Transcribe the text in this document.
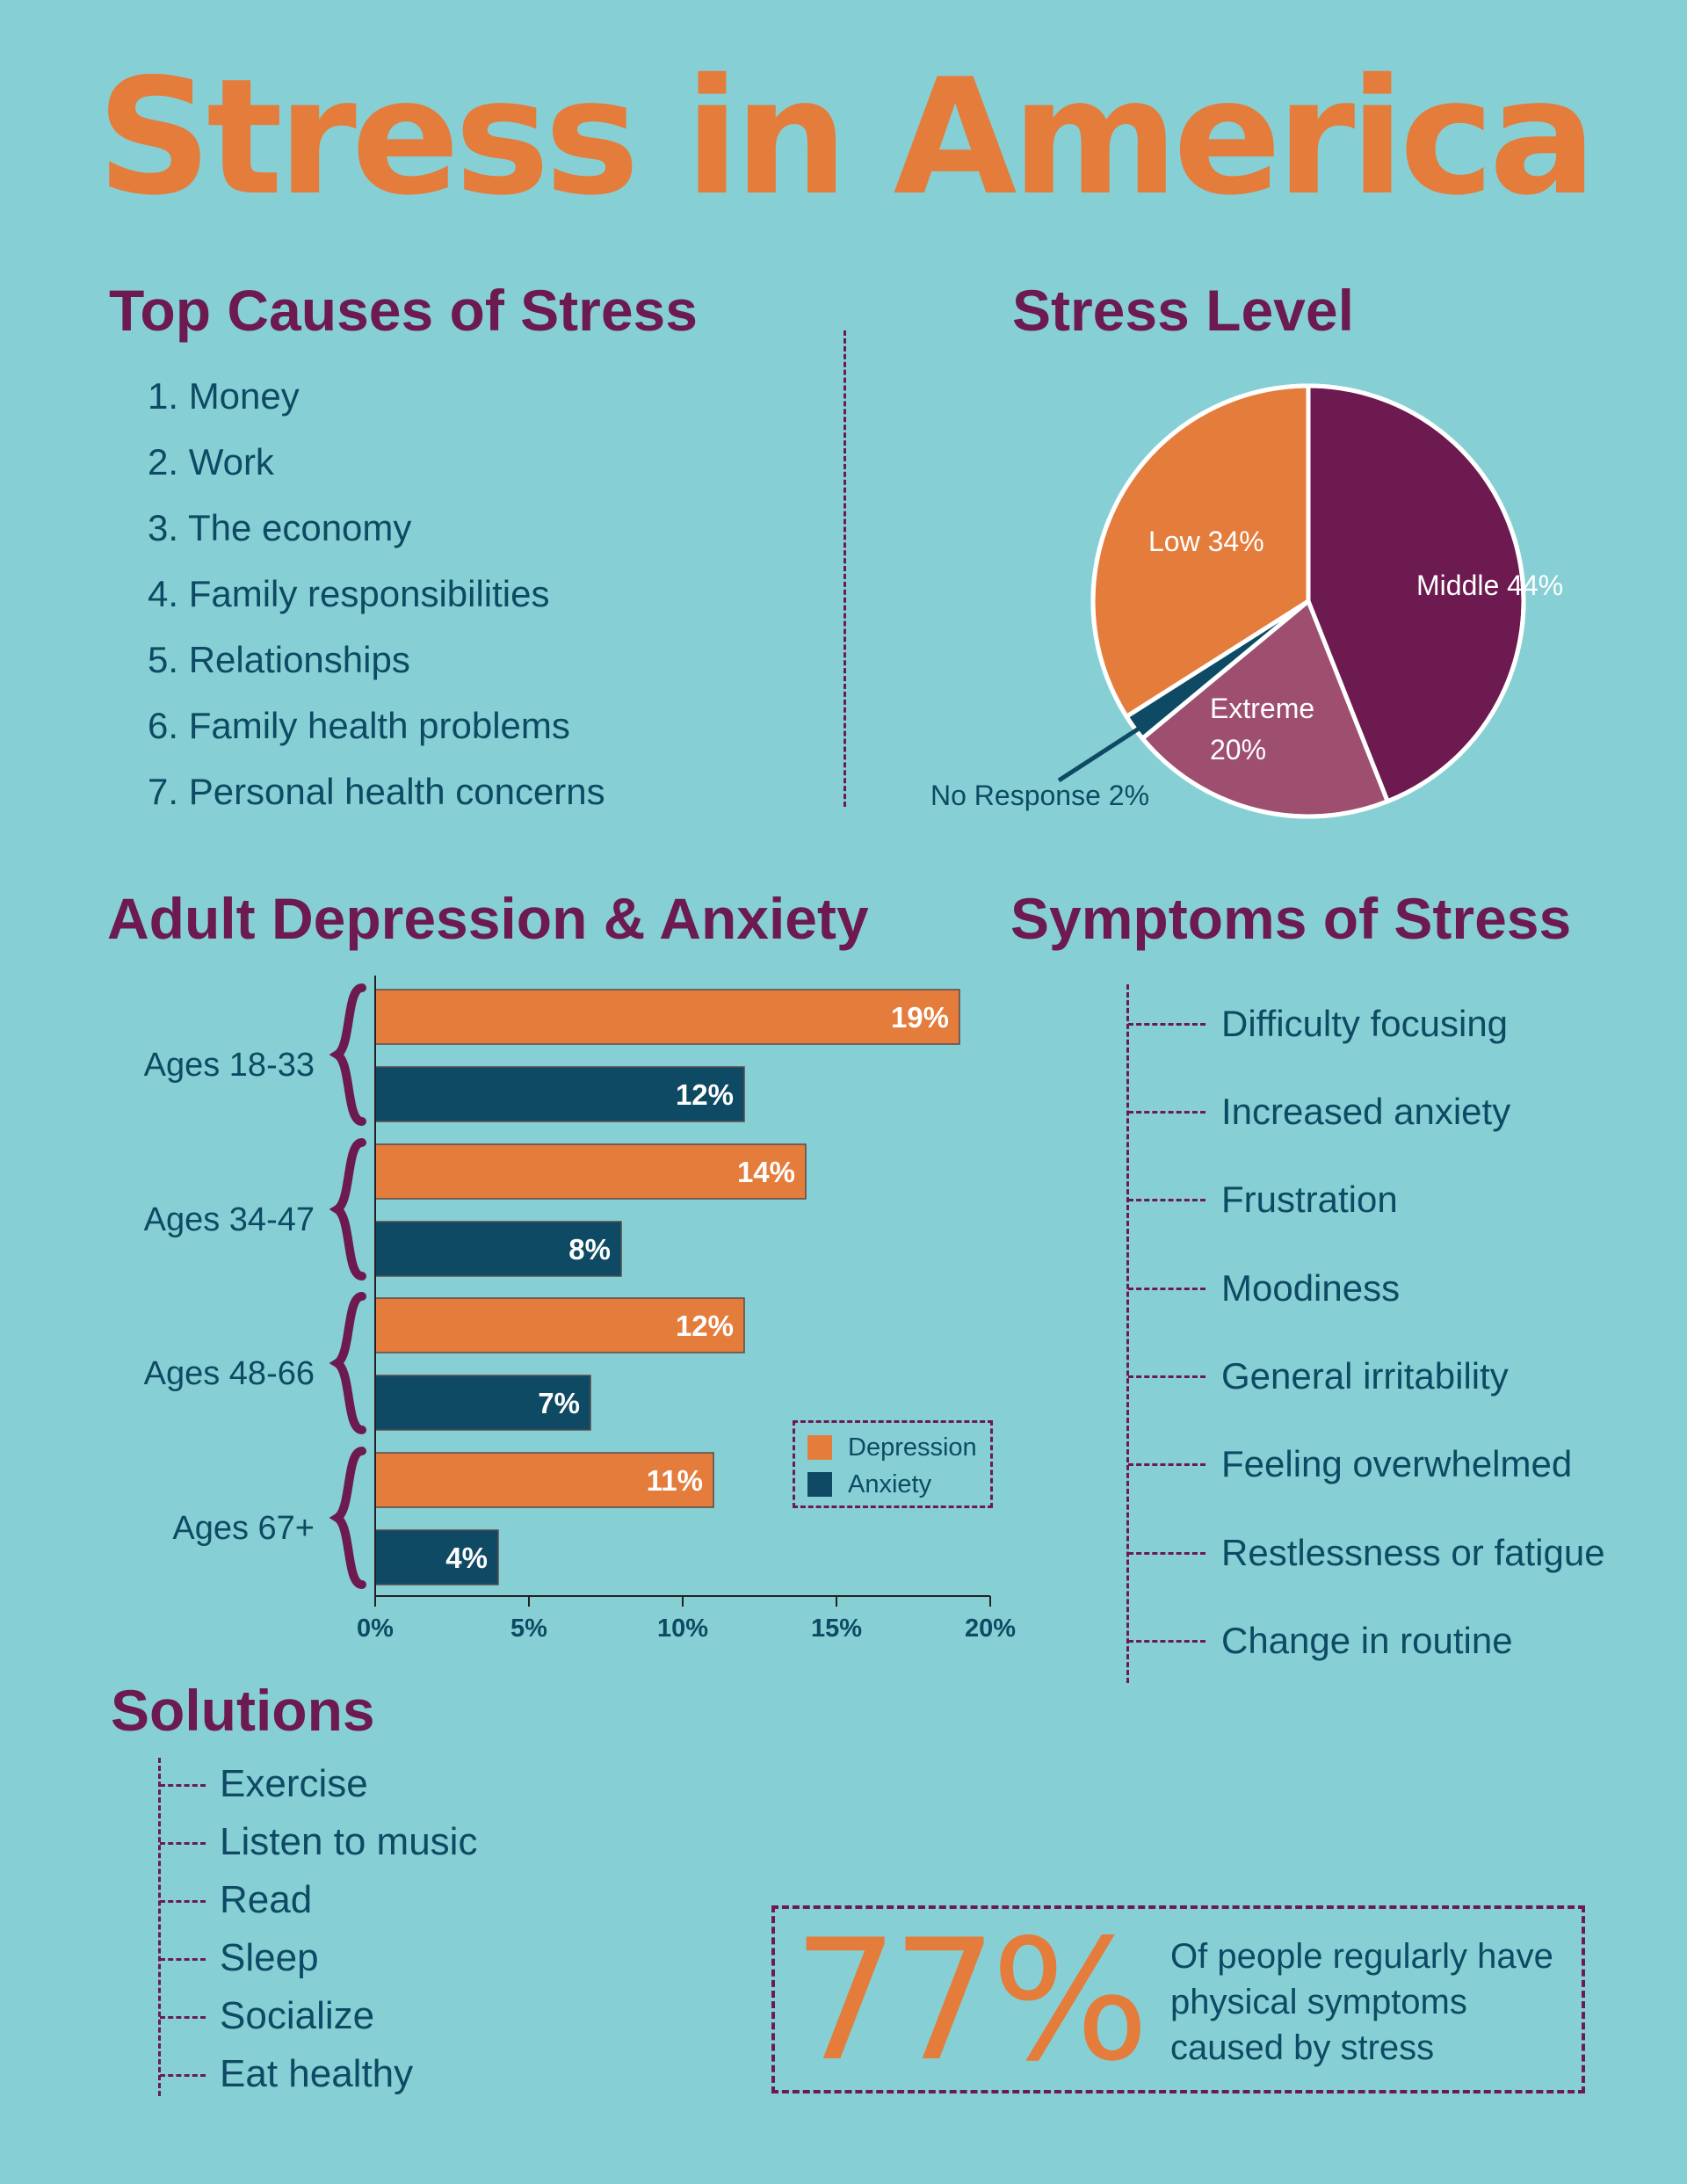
Stress in America
Top Causes of Stress
1. Money
2. Work
3. The economy
4. Family responsibilities
5. Relationships
6. Family health problems
7. Personal health concerns
Stress Level
Middle 44%
Low 34%
Extreme
20%
No Response 2%
Adult Depression & Anxiety
Ages 18-33
19%
12%
Ages 34-47
14%
8%
Ages 48-66
12%
7%
Ages 67+
11%
4%
0%	5%	10%	15%	20%
Depression
Anxiety
Symptoms of Stress
Difficulty focusing
Increased anxiety
Frustration
Moodiness
General irritability
Feeling overwhelmed
Restlessness or fatigue
Change in routine
Solutions
Exercise
Listen to music
Read
Sleep
Socialize
Eat healthy 77% Of people regularly have physical symptoms caused by stress
